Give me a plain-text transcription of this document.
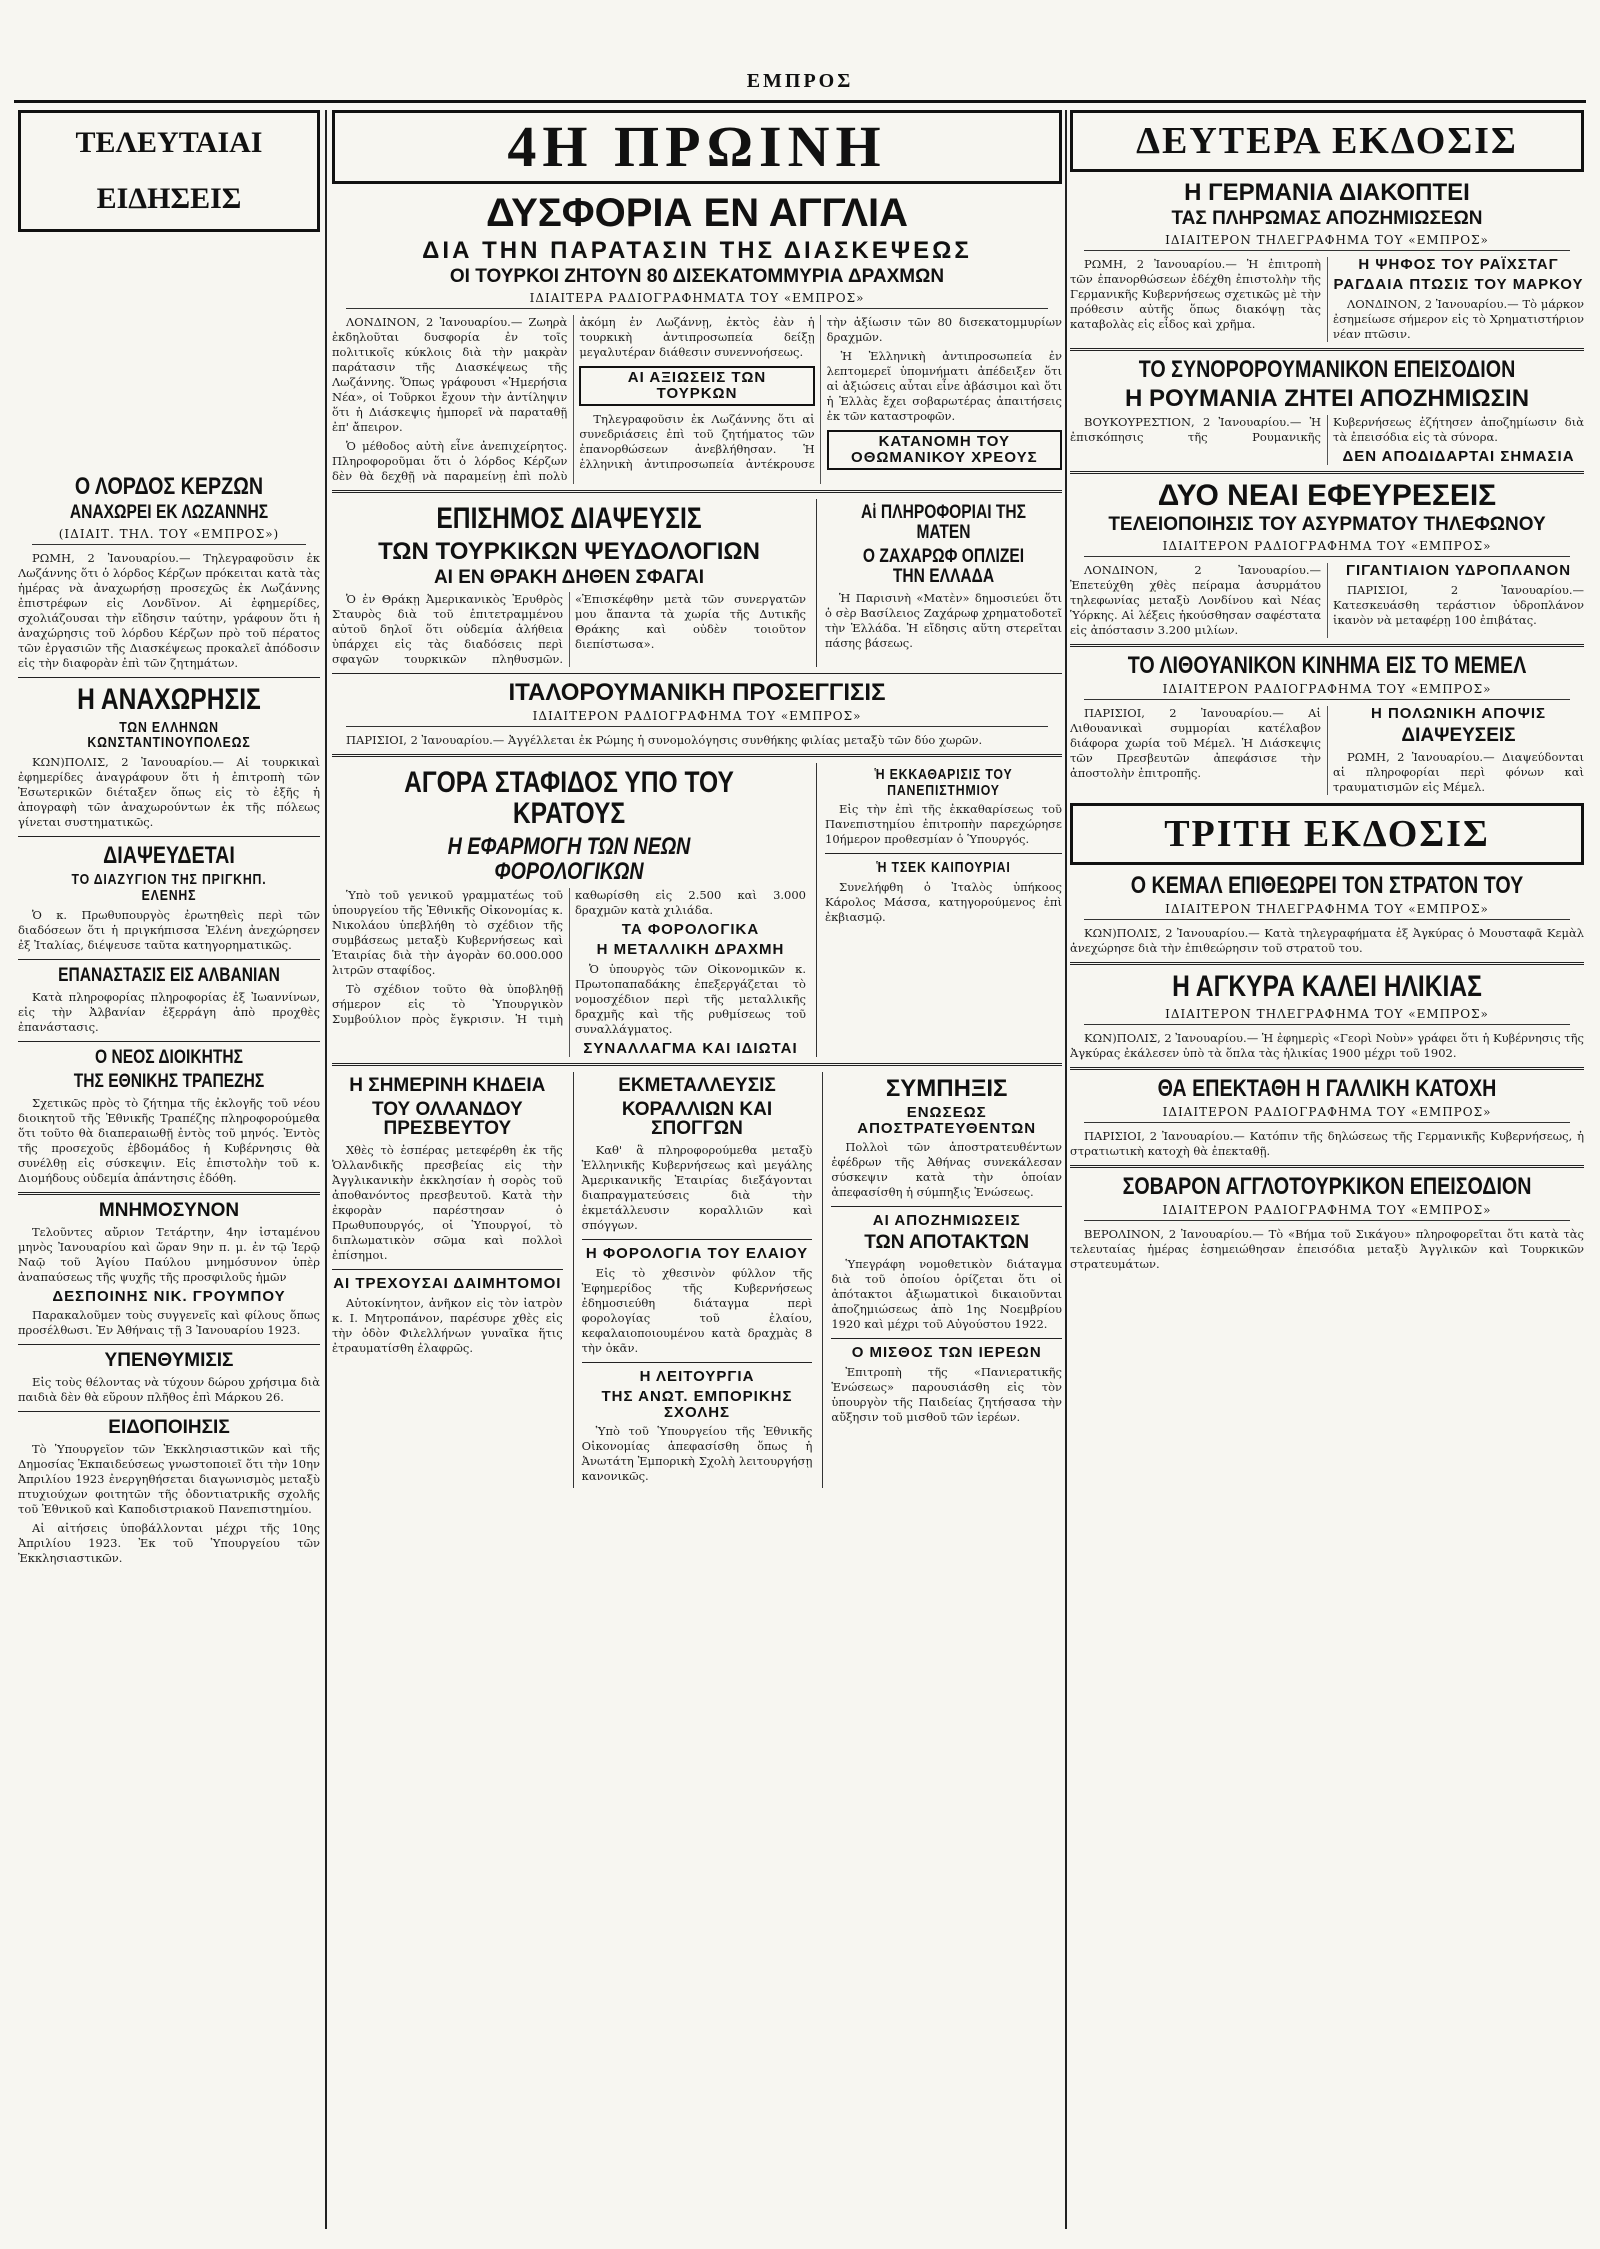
ΕΜΠΡΟΣ
ΤΕΛΕΥΤΑΙΑΙ ΕΙΔΗΣΕΙΣ
Ο ΛΟΡΔΟΣ ΚΕΡΖΩΝ
ΑΝΑΧΩΡΕΙ ΕΚ ΛΩΖΑΝΝΗΣ
(ΙΔΙΑΙΤ. ΤΗΛ. ΤΟΥ «ΕΜΠΡΟΣ»)

ΡΩΜΗ, 2 Ἰανουαρίου.— Τηλεγραφοῦσιν ἐκ Λωζάννης ὅτι ὁ λόρδος Κέρζων πρόκειται κατὰ τὰς ἡμέρας νὰ ἀναχωρήσῃ προσεχῶς ἐκ Λωζάννης ἐπιστρέφων εἰς Λονδῖνον. Αἱ ἐφημερίδες, σχολιάζουσαι τὴν εἴδησιν ταύτην, γράφουν ὅτι ἡ ἀναχώρησις τοῦ λόρδου Κέρζων πρὸ τοῦ πέρατος τῶν ἐργασιῶν τῆς Διασκέψεως προκαλεῖ ἀπόδοσιν εἰς τὴν διαφορὰν ἐπὶ τῶν ζητημάτων.

Η ΑΝΑΧΩΡΗΣΙΣ
ΤΩΝ ΕΛΛΗΝΩΝ ΚΩΝΣΤΑΝΤΙΝΟΥΠΟΛΕΩΣ

ΚΩΝ)ΠΟΛΙΣ, 2 Ἰανουαρίου.— Αἱ τουρκικαὶ ἐφημερίδες ἀναγράφουν ὅτι ἡ ἐπιτροπὴ τῶν Ἐσωτερικῶν διέταξεν ὅπως εἰς τὸ ἑξῆς ἡ ἀπογραφὴ τῶν ἀναχωρούντων ἐκ τῆς πόλεως γίνεται συστηματικῶς.

ΔΙΑΨΕΥΔΕΤΑΙ
ΤΟ ΔΙΑΖΥΓΙΟΝ ΤΗΣ ΠΡΙΓΚΗΠ. ΕΛΕΝΗΣ

Ὁ κ. Πρωθυπουργὸς ἐρωτηθεὶς περὶ τῶν διαδόσεων ὅτι ἡ πριγκήπισσα Ἑλένη ἀνεχώρησεν ἐξ Ἰταλίας, διέψευσε ταῦτα κατηγορηματικῶς.

ΕΠΑΝΑΣΤΑΣΙΣ ΕΙΣ ΑΛΒΑΝΙΑΝ

Κατὰ πληροφορίας πληροφορίας ἐξ Ἰωαννίνων, εἰς τὴν Ἀλβανίαν ἐξερράγη ἀπὸ προχθὲς ἐπανάστασις.

Ο ΝΕΟΣ ΔΙΟΙΚΗΤΗΣ
ΤΗΣ ΕΘΝΙΚΗΣ ΤΡΑΠΕΖΗΣ

Σχετικῶς πρὸς τὸ ζήτημα τῆς ἐκλογῆς τοῦ νέου διοικητοῦ τῆς Ἐθνικῆς Τραπέζης πληροφορούμεθα ὅτι τοῦτο θὰ διαπεραιωθῇ ἐντὸς τοῦ μηνός. Ἐντὸς τῆς προσεχοῦς ἑβδομάδος ἡ Κυβέρνησις θὰ συνέλθῃ εἰς σύσκεψιν. Εἰς ἐπιστολὴν τοῦ κ. Διομήδους οὐδεμία ἀπάντησις ἐδόθη.

ΜΝΗΜΟΣΥΝΟΝ

Τελοῦντες αὔριον Τετάρτην, 4ην ἰσταμένου μηνὸς Ἰανουαρίου καὶ ὥραν 9ην π. μ. ἐν τῷ Ἱερῷ Ναῷ τοῦ Ἁγίου Παύλου μνημόσυνον ὑπὲρ ἀναπαύσεως τῆς ψυχῆς τῆς προσφιλοῦς ἡμῶν

ΔΕΣΠΟΙΝΗΣ ΝΙΚ. ΓΡΟΥΜΠΟΥ

Παρακαλοῦμεν τοὺς συγγενεῖς καὶ φίλους ὅπως προσέλθωσι. Ἐν Ἀθήναις τῇ 3 Ἰανουαρίου 1923.

ΥΠΕΝΘΥΜΙΣΙΣ

Εἰς τοὺς θέλοντας νὰ τύχουν δώρου χρήσιμα διὰ παιδιὰ δὲν θὰ εὕρουν πλῆθος ἐπὶ Μάρκου 26.

ΕΙΔΟΠΟΙΗΣΙΣ

Τὸ Ὑπουργεῖον τῶν Ἐκκλησιαστικῶν καὶ τῆς Δημοσίας Ἐκπαιδεύσεως γνωστοποιεῖ ὅτι τὴν 10ην Ἀπριλίου 1923 ἐνεργηθήσεται διαγωνισμὸς μεταξὺ πτυχιούχων φοιτητῶν τῆς ὀδοντιατρικῆς σχολῆς τοῦ Ἐθνικοῦ καὶ Καποδιστριακοῦ Πανεπιστημίου.

Αἱ αἰτήσεις ὑποβάλλονται μέχρι τῆς 10ης Ἀπριλίου 1923. Ἐκ τοῦ Ὑπουργείου τῶν Ἐκκλησιαστικῶν.

4Η ΠΡΩΙΝΗ
ΔΥΣΦΟΡΙΑ ΕΝ ΑΓΓΛΙΑ
ΔΙΑ ΤΗΝ ΠΑΡΑΤΑΣΙΝ ΤΗΣ ΔΙΑΣΚΕΨΕΩΣ
ΟΙ ΤΟΥΡΚΟΙ ΖΗΤΟΥΝ 80 ΔΙΣΕΚΑΤΟΜΜΥΡΙΑ ΔΡΑΧΜΩΝ
ΙΔΙΑΙΤΕΡΑ ΡΑΔΙΟΓΡΑΦΗΜΑΤΑ ΤΟΥ «ΕΜΠΡΟΣ»

ΛΟΝΔΙΝΟΝ, 2 Ἰανουαρίου.— Ζωηρὰ ἐκδηλοῦται δυσφορία ἐν τοῖς πολιτικοῖς κύκλοις διὰ τὴν μακρὰν παράτασιν τῆς Διασκέψεως τῆς Λωζάννης. Ὅπως γράφουσι «Ἡμερήσια Νέα», οἱ Τοῦρκοι ἔχουν τὴν ἀντίληψιν ὅτι ἡ Διάσκεψις ἠμπορεῖ νὰ παραταθῇ ἐπ' ἄπειρον.

Ὁ μέθοδος αὐτὴ εἶνε ἀνεπιχείρητος. Πληροφοροῦμαι ὅτι ὁ λόρδος Κέρζων δὲν θὰ δεχθῇ νὰ παραμείνῃ ἐπὶ πολὺ ἀκόμη ἐν Λωζάννῃ, ἐκτὸς ἐὰν ἡ τουρκικὴ ἀντιπροσωπεία δείξῃ μεγαλυτέραν διάθεσιν συνεννοήσεως.

ΑΙ ΑΞΙΩΣΕΙΣ ΤΩΝ ΤΟΥΡΚΩΝ

Τηλεγραφοῦσιν ἐκ Λωζάννης ὅτι αἱ συνεδριάσεις ἐπὶ τοῦ ζητήματος τῶν ἐπανορθώσεων ἀνεβλήθησαν. Ἡ ἑλληνικὴ ἀντιπροσωπεία ἀντέκρουσε τὴν ἀξίωσιν τῶν 80 δισεκατομμυρίων δραχμῶν.

Ἡ Ἑλληνικὴ ἀντιπροσωπεία ἐν λεπτομερεῖ ὑπομνήματι ἀπέδειξεν ὅτι αἱ ἀξιώσεις αὗται εἶνε ἀβάσιμοι καὶ ὅτι ἡ Ἑλλὰς ἔχει σοβαρωτέρας ἀπαιτήσεις ἐκ τῶν καταστροφῶν.

ΚΑΤΑΝΟΜΗ ΤΟΥ ΟΘΩΜΑΝΙΚΟΥ ΧΡΕΟΥΣ
ΕΠΙΣΗΜΟΣ ΔΙΑΨΕΥΣΙΣ
ΤΩΝ ΤΟΥΡΚΙΚΩΝ ΨΕΥΔΟΛΟΓΙΩΝ
ΑΙ ΕΝ ΘΡΑΚΗ ΔΗΘΕΝ ΣΦΑΓΑΙ

Ὁ ἐν Θράκῃ Ἀμερικανικὸς Ἐρυθρὸς Σταυρὸς διὰ τοῦ ἐπιτετραμμένου αὐτοῦ δηλοῖ ὅτι οὐδεμία ἀλήθεια ὑπάρχει εἰς τὰς διαδόσεις περὶ σφαγῶν τουρκικῶν πληθυσμῶν. «Ἐπισκέφθην μετὰ τῶν συνεργατῶν μου ἅπαντα τὰ χωρία τῆς Δυτικῆς Θράκης καὶ οὐδὲν τοιοῦτον διεπίστωσα».

Αἱ ΠΛΗΡΟΦΟΡΙΑΙ ΤΗΣ ΜΑΤΕΝ
Ο ΖΑΧΑΡΩΦ ΟΠΛΙΖΕΙ ΤΗΝ ΕΛΛΑΔΑ

Ἡ Παρισινὴ «Ματὲν» δημοσιεύει ὅτι ὁ σὲρ Βασίλειος Ζαχάρωφ χρηματοδοτεῖ τὴν Ἑλλάδα. Ἡ εἴδησις αὕτη στερεῖται πάσης βάσεως.

ΙΤΑΛΟΡΟΥΜΑΝΙΚΗ ΠΡΟΣΕΓΓΙΣΙΣ
ΙΔΙΑΙΤΕΡΟΝ ΡΑΔΙΟΓΡΑΦΗΜΑ ΤΟΥ «ΕΜΠΡΟΣ»

ΠΑΡΙΣΙΟΙ, 2 Ἰανουαρίου.— Ἀγγέλλεται ἐκ Ρώμης ἡ συνομολόγησις συνθήκης φιλίας μεταξὺ τῶν δύο χωρῶν.

ΑΓΟΡΑ ΣΤΑΦΙΔΟΣ ΥΠΟ ΤΟΥ ΚΡΑΤΟΥΣ
Η ΕΦΑΡΜΟΓΗ ΤΩΝ ΝΕΩΝ ΦΟΡΟΛΟΓΙΚΩΝ

Ὑπὸ τοῦ γενικοῦ γραμματέως τοῦ ὑπουργείου τῆς Ἐθνικῆς Οἰκονομίας κ. Νικολάου ὑπεβλήθη τὸ σχέδιον τῆς συμβάσεως μεταξὺ Κυβερνήσεως καὶ Ἑταιρίας διὰ τὴν ἀγορὰν 60.000.000 λιτρῶν σταφίδος.

Τὸ σχέδιον τοῦτο θὰ ὑποβληθῇ σήμερον εἰς τὸ Ὑπουργικὸν Συμβούλιον πρὸς ἔγκρισιν. Ἡ τιμὴ καθωρίσθη εἰς 2.500 καὶ 3.000 δραχμῶν κατὰ χιλιάδα.

ΤΑ ΦΟΡΟΛΟΓΙΚΑ
Η ΜΕΤΑΛΛΙΚΗ ΔΡΑΧΜΗ

Ὁ ὑπουργὸς τῶν Οἰκονομικῶν κ. Πρωτοπαπαδάκης ἐπεξεργάζεται τὸ νομοσχέδιον περὶ τῆς μεταλλικῆς δραχμῆς καὶ τῆς ρυθμίσεως τοῦ συναλλάγματος.

ΣΥΝΑΛΛΑΓΜΑ ΚΑΙ ΙΔΙΩΤΑΙ
Ἡ ΕΚΚΑΘΑΡΙΣΙΣ ΤΟΥ ΠΑΝΕΠΙΣΤΗΜΙΟΥ

Εἰς τὴν ἐπὶ τῆς ἐκκαθαρίσεως τοῦ Πανεπιστημίου ἐπιτροπὴν παρεχώρησε 10ήμερον προθεσμίαν ὁ Ὑπουργός.

Ἡ ΤΣΕΚ ΚΑΙΠΟΥΡΙΑΙ

Συνελήφθη ὁ Ἰταλὸς ὑπήκοος Κάρολος Μάσσα, κατηγορούμενος ἐπὶ ἐκβιασμῷ.

Η ΣΗΜΕΡΙΝΗ ΚΗΔΕΙΑ
ΤΟΥ ΟΛΛΑΝΔΟΥ ΠΡΕΣΒΕΥΤΟΥ

Χθὲς τὸ ἑσπέρας μετεφέρθη ἐκ τῆς Ὁλλανδικῆς πρεσβείας εἰς τὴν Ἀγγλικανικὴν ἐκκλησίαν ἡ σορὸς τοῦ ἀποθανόντος πρεσβευτοῦ. Κατὰ τὴν ἐκφορὰν παρέστησαν ὁ Πρωθυπουργός, οἱ Ὑπουργοί, τὸ διπλωματικὸν σῶμα καὶ πολλοὶ ἐπίσημοι.

ΑΙ ΤΡΕΧΟΥΣΑΙ ΔΑΙΜΗΤΟΜΟΙ

Αὐτοκίνητον, ἀνῆκον εἰς τὸν ἰατρὸν κ. Ι. Μητροπάνον, παρέσυρε χθὲς εἰς τὴν ὁδὸν Φιλελλήνων γυναῖκα ἥτις ἐτραυματίσθη ἐλαφρῶς.

ΕΚΜΕΤΑΛΛΕΥΣΙΣ
ΚΟΡΑΛΛΙΩΝ ΚΑΙ ΣΠΟΓΓΩΝ

Καθ' ἃ πληροφορούμεθα μεταξὺ Ἑλληνικῆς Κυβερνήσεως καὶ μεγάλης Ἀμερικανικῆς Ἑταιρίας διεξάγονται διαπραγματεύσεις διὰ τὴν ἐκμετάλλευσιν κοραλλιῶν καὶ σπόγγων.

Η ΦΟΡΟΛΟΓΙΑ ΤΟΥ ΕΛΑΙΟΥ

Εἰς τὸ χθεσινὸν φύλλον τῆς Ἐφημερίδος τῆς Κυβερνήσεως ἐδημοσιεύθη διάταγμα περὶ φορολογίας τοῦ ἐλαίου, κεφαλαιοποιουμένου κατὰ δραχμὰς 8 τὴν ὀκᾶν.

Η ΛΕΙΤΟΥΡΓΙΑ
ΤΗΣ ΑΝΩΤ. ΕΜΠΟΡΙΚΗΣ ΣΧΟΛΗΣ

Ὑπὸ τοῦ Ὑπουργείου τῆς Ἐθνικῆς Οἰκονομίας ἀπεφασίσθη ὅπως ἡ Ἀνωτάτη Ἐμπορικὴ Σχολὴ λειτουργήσῃ κανονικῶς.

ΣΥΜΠΗΞΙΣ
ΕΝΩΣΕΩΣ ΑΠΟΣΤΡΑΤΕΥΘΕΝΤΩΝ

Πολλοὶ τῶν ἀποστρατευθέντων ἐφέδρων τῆς Ἀθήνας συνεκάλεσαν σύσκεψιν κατὰ τὴν ὁποίαν ἀπεφασίσθη ἡ σύμπηξις Ἑνώσεως.

ΑΙ ΑΠΟΖΗΜΙΩΣΕΙΣ
ΤΩΝ ΑΠΟΤΑΚΤΩΝ

Ὑπεγράφη νομοθετικὸν διάταγμα διὰ τοῦ ὁποίου ὁρίζεται ὅτι οἱ ἀπότακτοι ἀξιωματικοὶ δικαιοῦνται ἀποζημιώσεως ἀπὸ 1ης Νοεμβρίου 1920 καὶ μέχρι τοῦ Αὐγούστου 1922.

Ο ΜΙΣΘΟΣ ΤΩΝ ΙΕΡΕΩΝ

Ἐπιτροπὴ τῆς «Πανιερατικῆς Ἑνώσεως» παρουσιάσθη εἰς τὸν ὑπουργὸν τῆς Παιδείας ζητήσασα τὴν αὔξησιν τοῦ μισθοῦ τῶν ἱερέων.

ΔΕΥΤΕΡΑ ΕΚΔΟΣΙΣ
Η ΓΕΡΜΑΝΙΑ ΔΙΑΚΟΠΤΕΙ
ΤΑΣ ΠΛΗΡΩΜΑΣ ΑΠΟΖΗΜΙΩΣΕΩΝ
ΙΔΙΑΙΤΕΡΟΝ ΤΗΛΕΓΡΑΦΗΜΑ ΤΟΥ «ΕΜΠΡΟΣ»

ΡΩΜΗ, 2 Ἰανουαρίου.— Ἡ ἐπιτροπὴ τῶν ἐπανορθώσεων ἐδέχθη ἐπιστολὴν τῆς Γερμανικῆς Κυβερνήσεως σχετικῶς μὲ τὴν πρόθεσιν αὐτῆς ὅπως διακόψῃ τὰς καταβολὰς εἰς εἶδος καὶ χρῆμα.

Η ΨΗΦΟΣ ΤΟΥ ΡΑΪΧΣΤΑΓ
ΡΑΓΔΑΙΑ ΠΤΩΣΙΣ ΤΟΥ ΜΑΡΚΟΥ

ΛΟΝΔΙΝΟΝ, 2 Ἰανουαρίου.— Τὸ μάρκον ἐσημείωσε σήμερον εἰς τὸ Χρηματιστήριον νέαν πτῶσιν.

ΤΟ ΣΥΝΟΡΟΡΟΥΜΑΝΙΚΟΝ ΕΠΕΙΣΟΔΙΟΝ
Η ΡΟΥΜΑΝΙΑ ΖΗΤΕΙ ΑΠΟΖΗΜΙΩΣΙΝ

ΒΟΥΚΟΥΡΕΣΤΙΟΝ, 2 Ἰανουαρίου.— Ἡ ἐπισκόπησις τῆς Ρουμανικῆς Κυβερνήσεως ἐζήτησεν ἀποζημίωσιν διὰ τὰ ἐπεισόδια εἰς τὰ σύνορα.

ΔΕΝ ΑΠΟΔΙΔΑΡΤΑΙ ΣΗΜΑΣΙΑ
ΔΥΟ ΝΕΑΙ ΕΦΕΥΡΕΣΕΙΣ
ΤΕΛΕΙΟΠΟΙΗΣΙΣ ΤΟΥ ΑΣΥΡΜΑΤΟΥ ΤΗΛΕΦΩΝΟΥ
ΙΔΙΑΙΤΕΡΟΝ ΡΑΔΙΟΓΡΑΦΗΜΑ ΤΟΥ «ΕΜΠΡΟΣ»

ΛΟΝΔΙΝΟΝ, 2 Ἰανουαρίου.— Ἐπετεύχθη χθὲς πείραμα ἀσυρμάτου τηλεφωνίας μεταξὺ Λονδίνου καὶ Νέας Ὑόρκης. Αἱ λέξεις ἠκούσθησαν σαφέστατα εἰς ἀπόστασιν 3.200 μιλίων.

ΓΙΓΑΝΤΙΑΙΟΝ ΥΔΡΟΠΛΑΝΟΝ

ΠΑΡΙΣΙΟΙ, 2 Ἰανουαρίου.— Κατεσκευάσθη τεράστιον ὑδροπλάνον ἱκανὸν νὰ μεταφέρῃ 100 ἐπιβάτας.

ΤΟ ΛΙΘΟΥΑΝΙΚΟΝ ΚΙΝΗΜΑ ΕΙΣ ΤΟ ΜΕΜΕΛ
ΙΔΙΑΙΤΕΡΟΝ ΡΑΔΙΟΓΡΑΦΗΜΑ ΤΟΥ «ΕΜΠΡΟΣ»

ΠΑΡΙΣΙΟΙ, 2 Ἰανουαρίου.— Αἱ Λιθουανικαὶ συμμορίαι κατέλαβον διάφορα χωρία τοῦ Μέμελ. Ἡ Διάσκεψις τῶν Πρεσβευτῶν ἀπεφάσισε τὴν ἀποστολὴν ἐπιτροπῆς.

Η ΠΟΛΩΝΙΚΗ ΑΠΟΨΙΣ
ΔΙΑΨΕΥΣΕΙΣ

ΡΩΜΗ, 2 Ἰανουαρίου.— Διαψεύδονται αἱ πληροφορίαι περὶ φόνων καὶ τραυματισμῶν εἰς Μέμελ.

ΤΡΙΤΗ ΕΚΔΟΣΙΣ
Ο ΚΕΜΑΛ ΕΠΙΘΕΩΡΕΙ ΤΟΝ ΣΤΡΑΤΟΝ ΤΟΥ
ΙΔΙΑΙΤΕΡΟΝ ΤΗΛΕΓΡΑΦΗΜΑ ΤΟΥ «ΕΜΠΡΟΣ»

ΚΩΝ)ΠΟΛΙΣ, 2 Ἰανουαρίου.— Κατὰ τηλεγραφήματα ἐξ Ἀγκύρας ὁ Μουσταφᾶ Κεμὰλ ἀνεχώρησε διὰ τὴν ἐπιθεώρησιν τοῦ στρατοῦ του.

Η ΑΓΚΥΡΑ ΚΑΛΕΙ ΗΛΙΚΙΑΣ
ΙΔΙΑΙΤΕΡΟΝ ΤΗΛΕΓΡΑΦΗΜΑ ΤΟΥ «ΕΜΠΡΟΣ»

ΚΩΝ)ΠΟΛΙΣ, 2 Ἰανουαρίου.— Ἡ ἐφημερὶς «Γεορὶ Νοὺν» γράφει ὅτι ἡ Κυβέρνησις τῆς Ἀγκύρας ἐκάλεσεν ὑπὸ τὰ ὅπλα τὰς ἡλικίας 1900 μέχρι τοῦ 1902.

ΘΑ ΕΠΕΚΤΑΘΗ Η ΓΑΛΛΙΚΗ ΚΑΤΟΧΗ
ΙΔΙΑΙΤΕΡΟΝ ΡΑΔΙΟΓΡΑΦΗΜΑ ΤΟΥ «ΕΜΠΡΟΣ»

ΠΑΡΙΣΙΟΙ, 2 Ἰανουαρίου.— Κατόπιν τῆς δηλώσεως τῆς Γερμανικῆς Κυβερνήσεως, ἡ στρατιωτικὴ κατοχὴ θὰ ἐπεκταθῇ.

ΣΟΒΑΡΟΝ ΑΓΓΛΟΤΟΥΡΚΙΚΟΝ ΕΠΕΙΣΟΔΙΟΝ
ΙΔΙΑΙΤΕΡΟΝ ΡΑΔΙΟΓΡΑΦΗΜΑ ΤΟΥ «ΕΜΠΡΟΣ»

ΒΕΡΟΛΙΝΟΝ, 2 Ἰανουαρίου.— Τὸ «Βήμα τοῦ Σικάγου» πληροφορεῖται ὅτι κατὰ τὰς τελευταίας ἡμέρας ἐσημειώθησαν ἐπεισόδια μεταξὺ Ἀγγλικῶν καὶ Τουρκικῶν στρατευμάτων.
